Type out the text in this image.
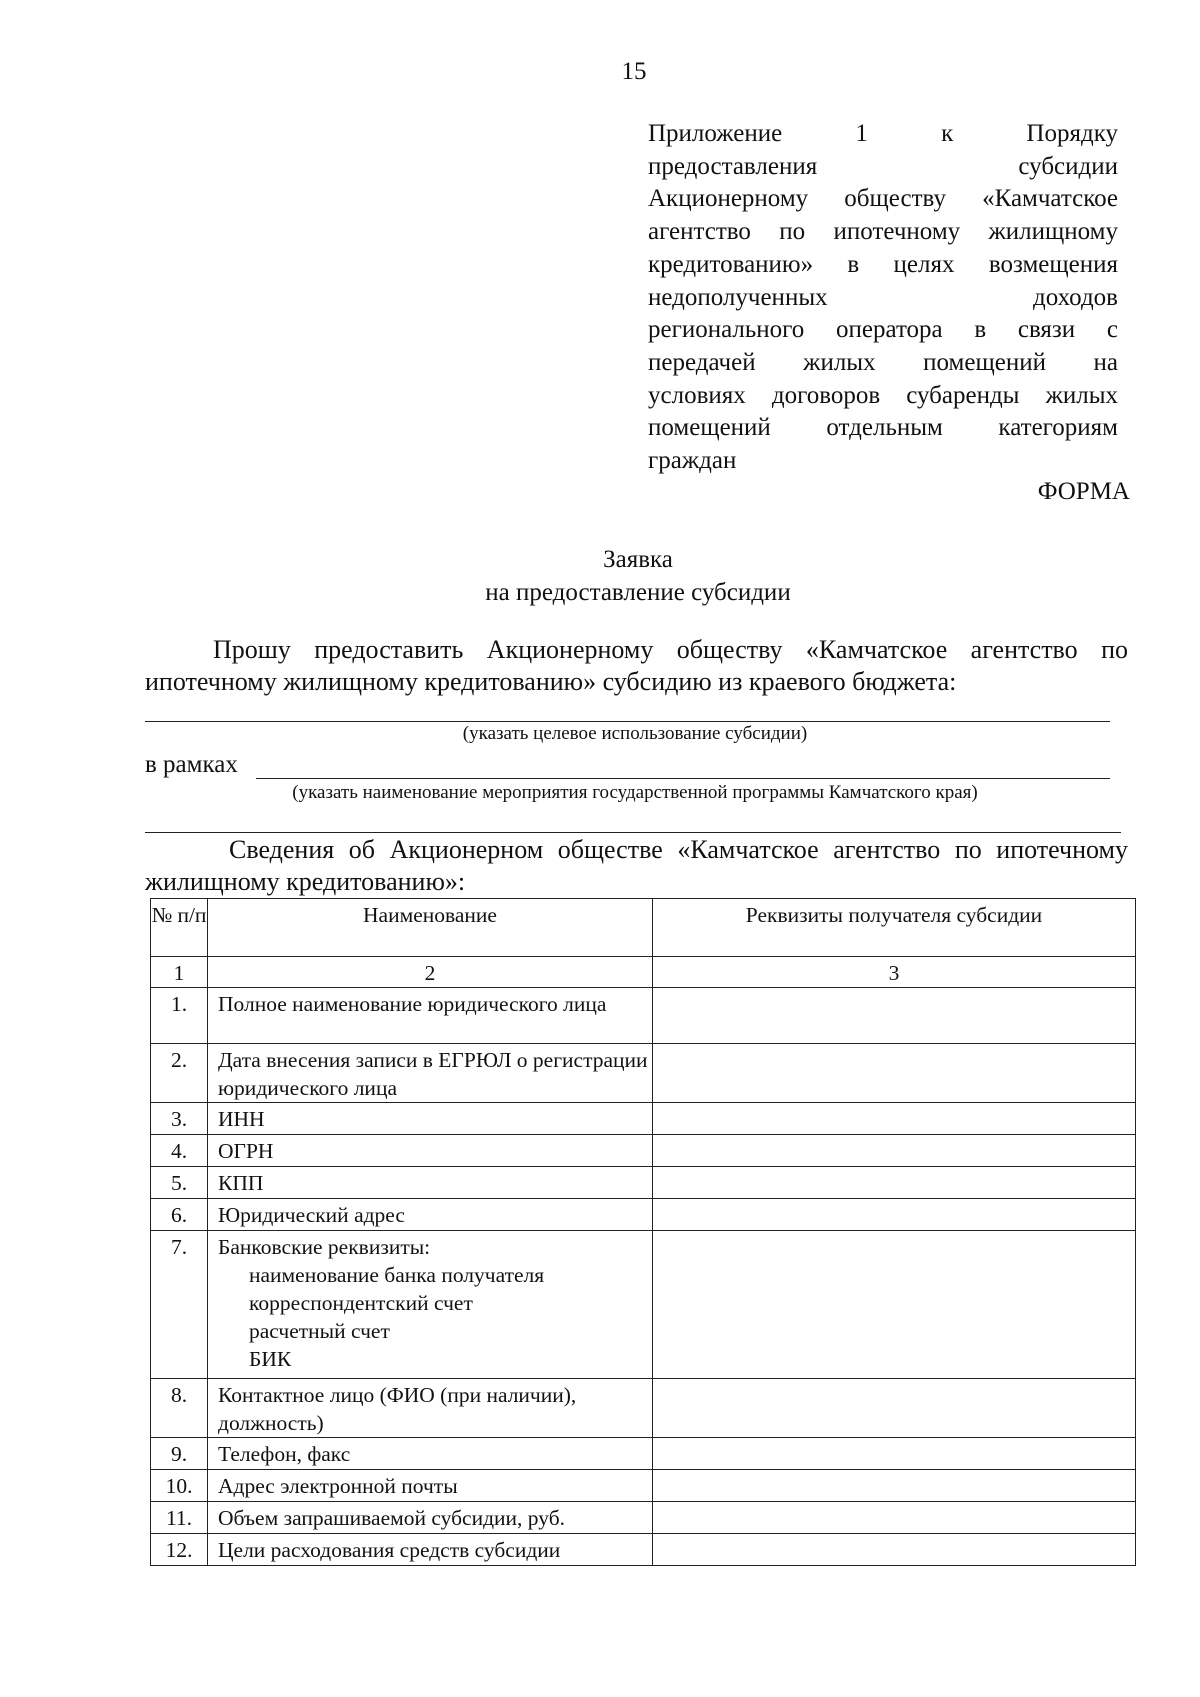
15
Приложение 1 к Порядку
предоставления субсидии
Акционерному обществу «Камчатское
агентство по ипотечному жилищному
кредитованию» в целях возмещения
недополученных доходов
регионального оператора в связи с
передачей жилых помещений на
условиях договоров субаренды жилых
помещений отдельным категориям
граждан
ФОРМА
Заявка
на предоставление субсидии
Прошу предоставить Акционерному обществу «Камчатское агентство по ипотечному жилищному кредитованию» субсидию из краевого бюджета:
(указать целевое использование субсидии)
в рамках
(указать наименование мероприятия государственной программы Камчатского края)
Сведения об Акционерном обществе «Камчатское агентство по ипотечному жилищному кредитованию»:
№ п/п	Наименование	Реквизиты получателя субсидии
1	2	3
1.	Полное наименование юридического лица	
2.	Дата внесения записи в ЕГРЮЛ о регистрации юридического лица	
3.	ИНН	
4.	ОГРН	
5.	КПП	
6.	Юридический адрес	
7.	Банковские реквизиты:
наименование банка получателя
корреспондентский счет
расчетный счет
БИК	

8.	Контактное лицо (ФИО (при наличии), должность)	
9.	Телефон, факс	
10.	Адрес электронной почты	
11.	Объем запрашиваемой субсидии, руб.	
12.	Цели расходования средств субсидии	
